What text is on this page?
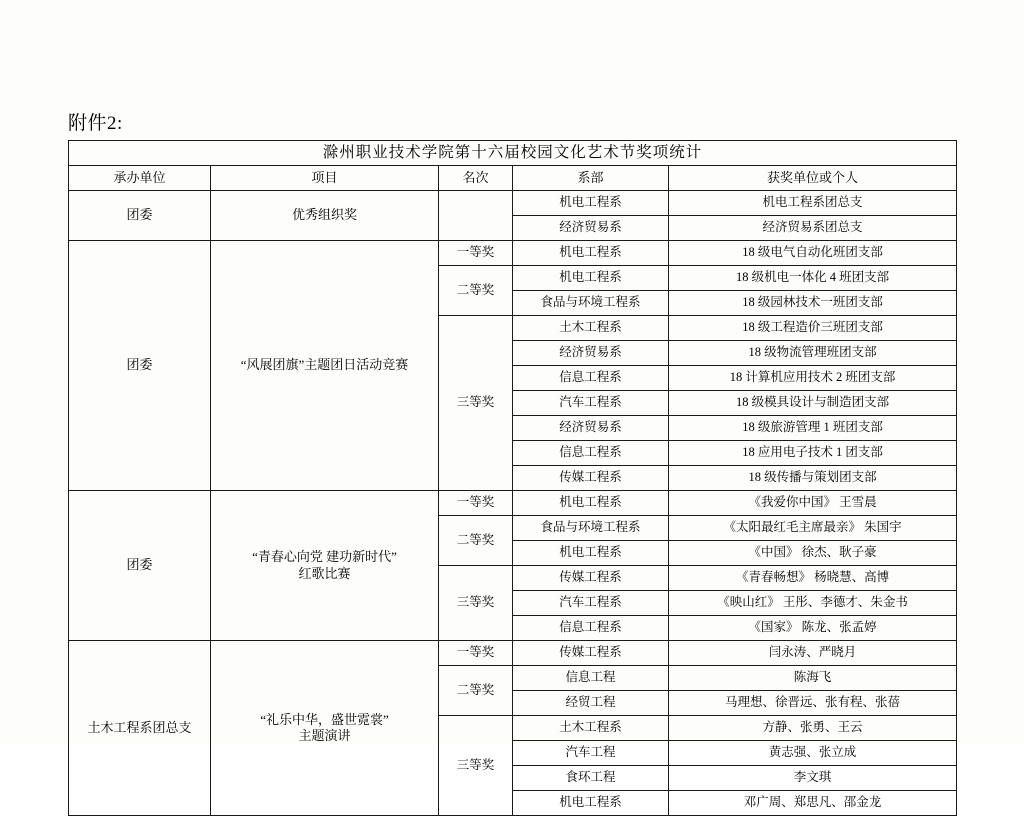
附件2:
滁州职业技术学院第十六届校园文化艺术节奖项统计				
承办单位	项目	名次	系部	获奖单位或个人
团委	优秀组织奖		机电工程系	机电工程系团总支
			经济贸易系	经济贸易系团总支
团委	“风展团旗”主题团日活动竞赛	一等奖	机电工程系	18 级电气自动化班团支部
		二等奖	机电工程系	18 级机电一体化 4 班团支部
			食品与环境工程系	18 级园林技术一班团支部
		三等奖	土木工程系	18 级工程造价三班团支部
			经济贸易系	18 级物流管理班团支部
			信息工程系	18 计算机应用技术 2 班团支部
			汽车工程系	18 级模具设计与制造团支部
			经济贸易系	18 级旅游管理 1 班团支部
			信息工程系	18 应用电子技术 1 团支部
			传媒工程系	18 级传播与策划团支部
团委	“青春心向党 建功新时代”
红歌比赛	一等奖	机电工程系	《我爱你中国》 王雪晨
		二等奖	食品与环境工程系	《太阳最红毛主席最亲》 朱国宇
			机电工程系	《中国》 徐杰、耿子豪
		三等奖	传媒工程系	《青春畅想》 杨晓慧、高博
			汽车工程系	《映山红》 王彤、李德才、朱金书
			信息工程系	《国家》 陈龙、张孟婷
土木工程系团总支	“礼乐中华，盛世霓裳”
主题演讲	一等奖	传媒工程系	闫永涛、严晓月
		二等奖	信息工程	陈海飞
			经贸工程	马理想、徐晋远、张有程、张蓓
		三等奖	土木工程系	方静、张勇、王云
			汽车工程	黄志强、张立成
			食环工程	李文琪
			机电工程系	邓广周、郑思凡、邵金龙
